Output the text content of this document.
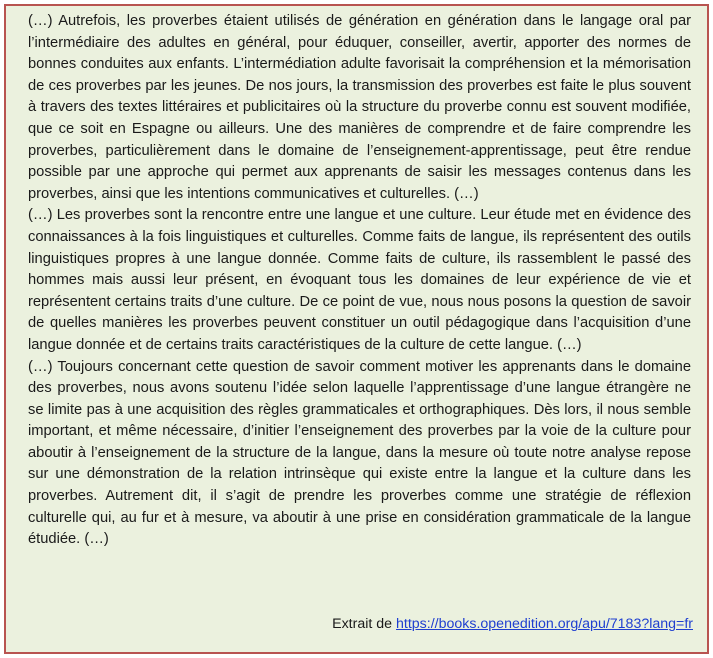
(…) Autrefois, les proverbes étaient utilisés de génération en génération dans le langage oral par l’intermédiaire des adultes en général, pour éduquer, conseiller, avertir, apporter des normes de bonnes conduites aux enfants. L’intermédiation adulte favorisait la compréhension et la mémorisation de ces proverbes par les jeunes. De nos jours, la transmission des proverbes est faite le plus souvent à travers des textes littéraires et publicitaires où la structure du proverbe connu est souvent modifiée, que ce soit en Espagne ou ailleurs. Une des manières de comprendre et de faire comprendre les proverbes, particulièrement dans le domaine de l’enseignement-apprentissage, peut être rendue possible par une approche qui permet aux apprenants de saisir les messages contenus dans les proverbes, ainsi que les intentions communicatives et culturelles. (…)

(…) Les proverbes sont la rencontre entre une langue et une culture. Leur étude met en évidence des connaissances à la fois linguistiques et culturelles. Comme faits de langue, ils représentent des outils linguistiques propres à une langue donnée. Comme faits de culture, ils rassemblent le passé des hommes mais aussi leur présent, en évoquant tous les domaines de leur expérience de vie et représentent certains traits d’une culture. De ce point de vue, nous nous posons la question de savoir de quelles manières les proverbes peuvent constituer un outil pédagogique dans l’acquisition d’une langue donnée et de certains traits caractéristiques de la culture de cette langue. (…)

(…) Toujours concernant cette question de savoir comment motiver les apprenants dans le domaine des proverbes, nous avons soutenu l’idée selon laquelle l’apprentissage d’une langue étrangère ne se limite pas à une acquisition des règles grammaticales et orthographiques. Dès lors, il nous semble important, et même nécessaire, d’initier l’enseignement des proverbes par la voie de la culture pour aboutir à l’enseignement de la structure de la langue, dans la mesure où toute notre analyse repose sur une démonstration de la relation intrinsèque qui existe entre la langue et la culture dans les proverbes. Autrement dit, il s’agit de prendre les proverbes comme une stratégie de réflexion culturelle qui, au fur et à mesure, va aboutir à une prise en considération grammaticale de la langue étudiée. (…)

Extrait de https://books.openedition.org/apu/7183?lang=fr
